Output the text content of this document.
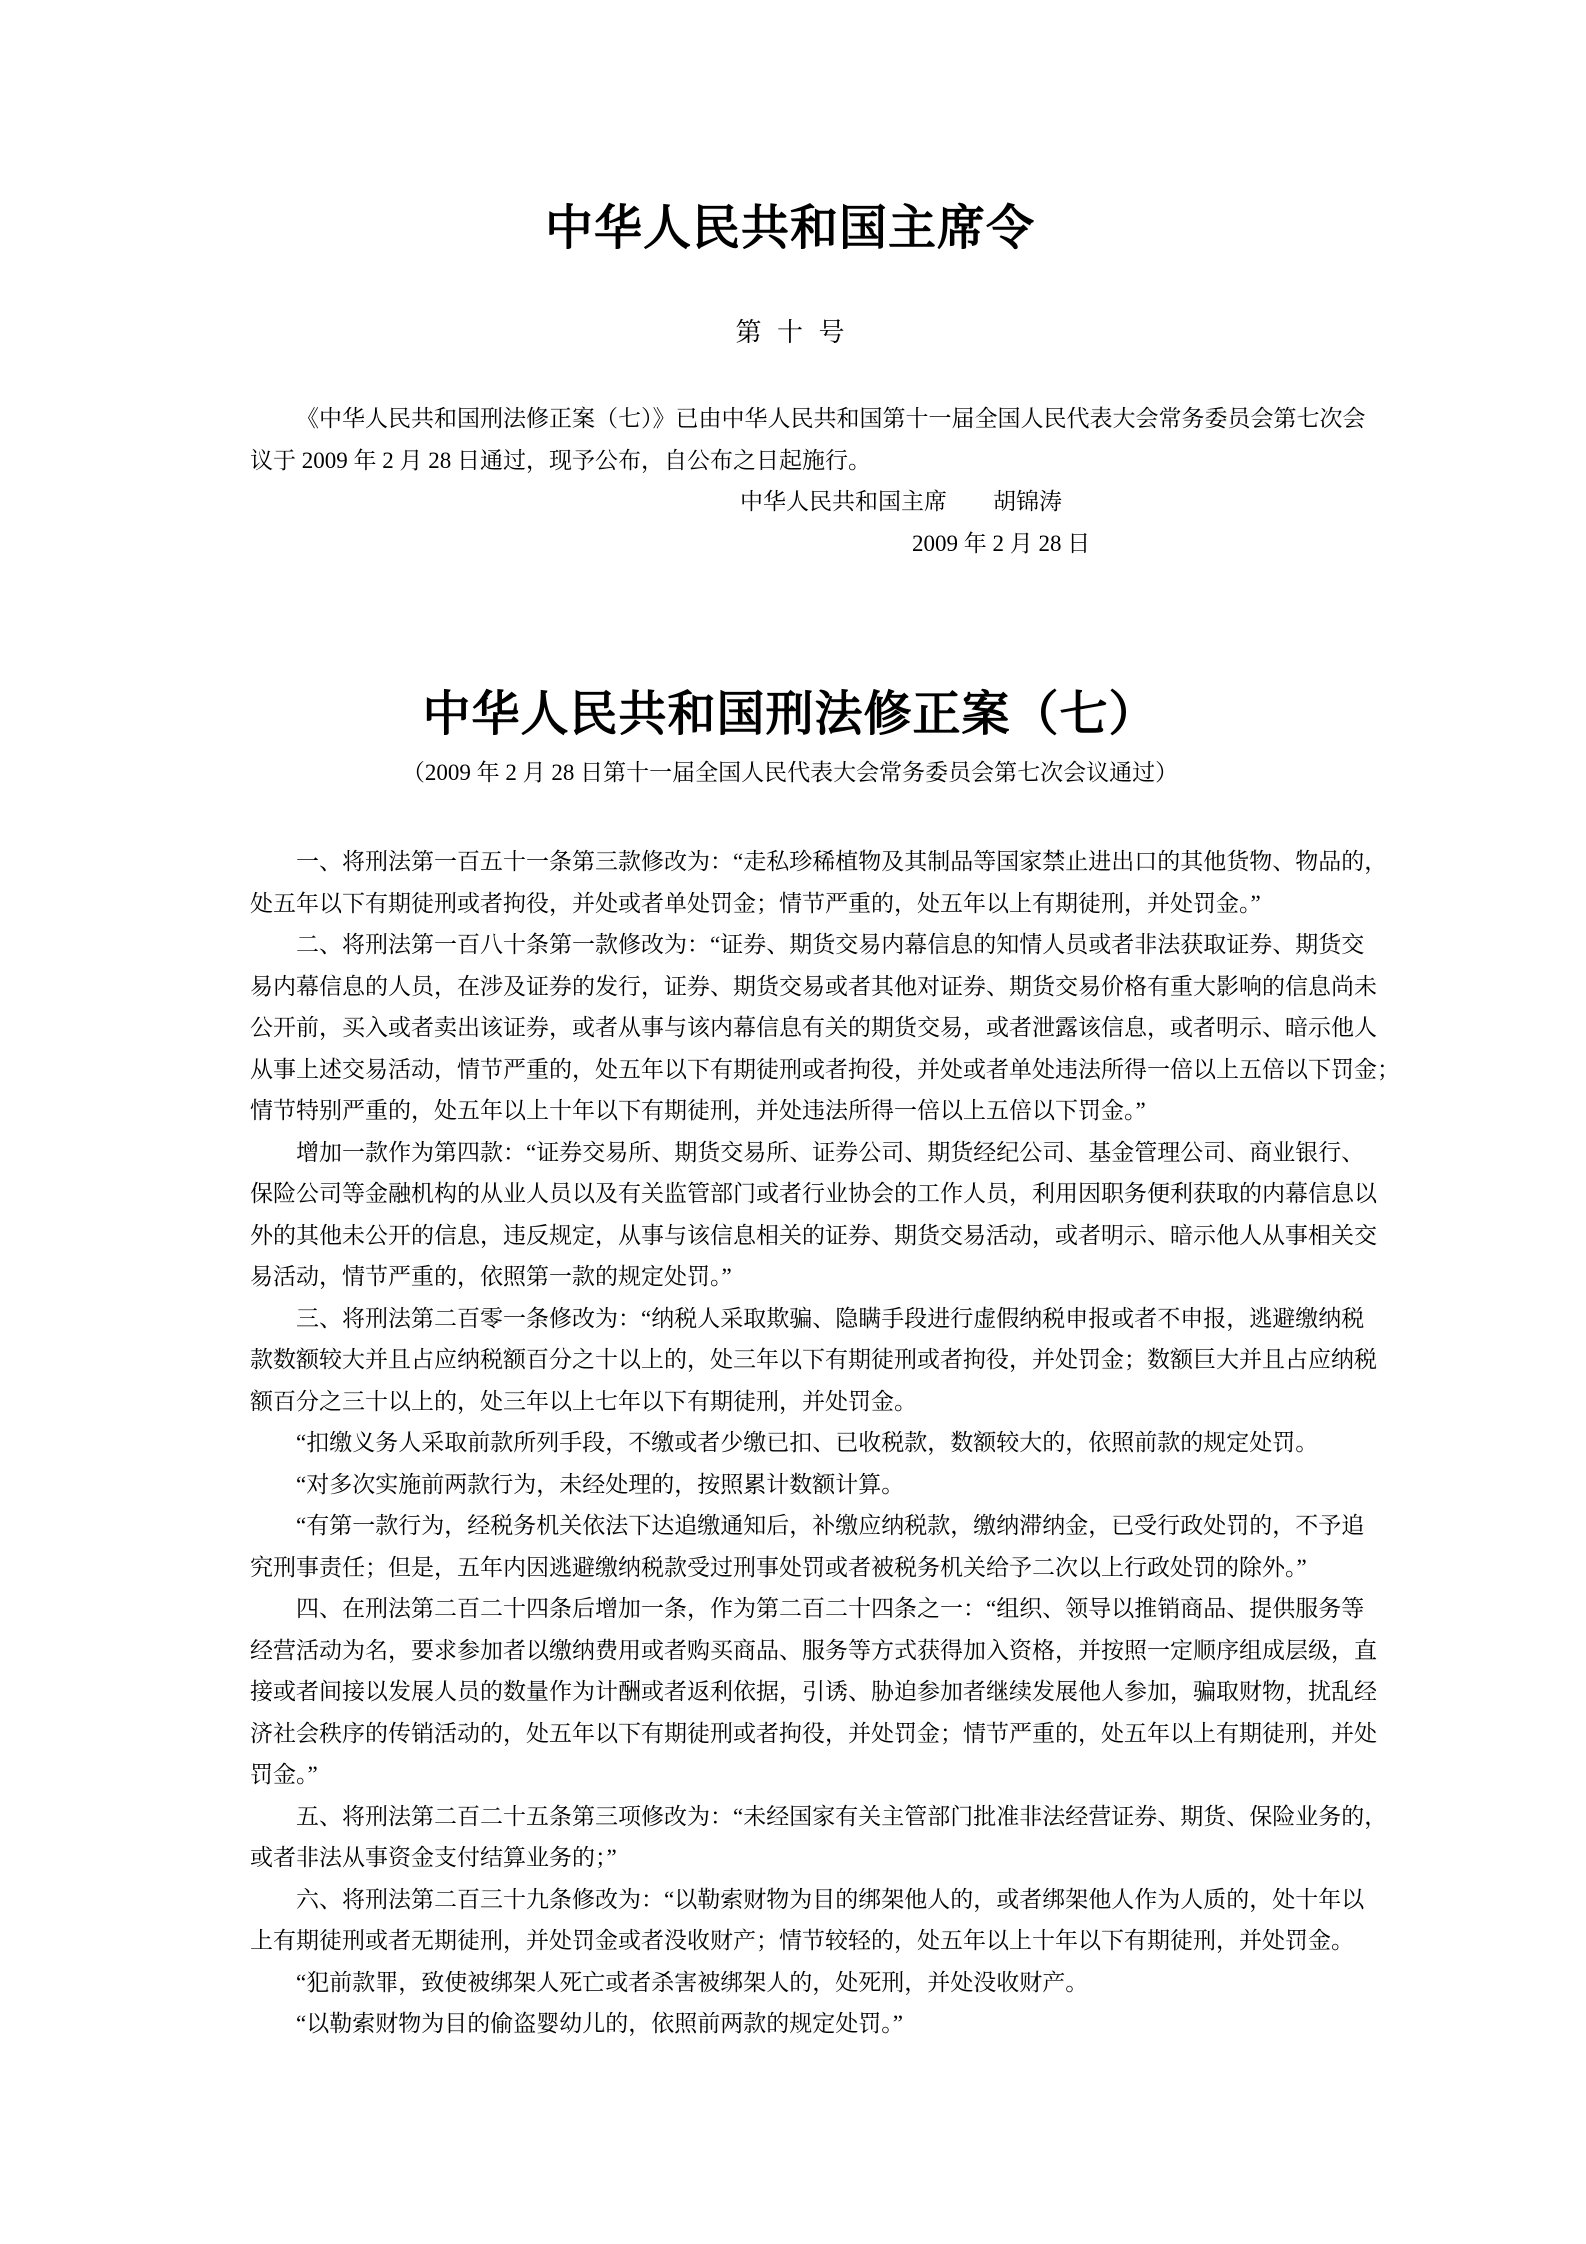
中华人民共和国主席令
第 十 号
《中华人民共和国刑法修正案（七）》已由中华人民共和国第十一届全国人民代表大会常务委员会第七次会
议于 2009 年 2 月 28 日通过，现予公布，自公布之日起施行。
中华人民共和国主席　　胡锦涛
2009 年 2 月 28 日
中华人民共和国刑法修正案（七）
（2009 年 2 月 28 日第十一届全国人民代表大会常务委员会第七次会议通过）
一、将刑法第一百五十一条第三款修改为：“走私珍稀植物及其制品等国家禁止进出口的其他货物、物品的，
处五年以下有期徒刑或者拘役，并处或者单处罚金；情节严重的，处五年以上有期徒刑，并处罚金。”
二、将刑法第一百八十条第一款修改为：“证券、期货交易内幕信息的知情人员或者非法获取证券、期货交
易内幕信息的人员，在涉及证券的发行，证券、期货交易或者其他对证券、期货交易价格有重大影响的信息尚未
公开前，买入或者卖出该证券，或者从事与该内幕信息有关的期货交易，或者泄露该信息，或者明示、暗示他人
从事上述交易活动，情节严重的，处五年以下有期徒刑或者拘役，并处或者单处违法所得一倍以上五倍以下罚金；
情节特别严重的，处五年以上十年以下有期徒刑，并处违法所得一倍以上五倍以下罚金。”
增加一款作为第四款：“证券交易所、期货交易所、证券公司、期货经纪公司、基金管理公司、商业银行、
保险公司等金融机构的从业人员以及有关监管部门或者行业协会的工作人员，利用因职务便利获取的内幕信息以
外的其他未公开的信息，违反规定，从事与该信息相关的证券、期货交易活动，或者明示、暗示他人从事相关交
易活动，情节严重的，依照第一款的规定处罚。”
三、将刑法第二百零一条修改为：“纳税人采取欺骗、隐瞒手段进行虚假纳税申报或者不申报，逃避缴纳税
款数额较大并且占应纳税额百分之十以上的，处三年以下有期徒刑或者拘役，并处罚金；数额巨大并且占应纳税
额百分之三十以上的，处三年以上七年以下有期徒刑，并处罚金。
“扣缴义务人采取前款所列手段，不缴或者少缴已扣、已收税款，数额较大的，依照前款的规定处罚。
“对多次实施前两款行为，未经处理的，按照累计数额计算。
“有第一款行为，经税务机关依法下达追缴通知后，补缴应纳税款，缴纳滞纳金，已受行政处罚的，不予追
究刑事责任；但是，五年内因逃避缴纳税款受过刑事处罚或者被税务机关给予二次以上行政处罚的除外。”
四、在刑法第二百二十四条后增加一条，作为第二百二十四条之一：“组织、领导以推销商品、提供服务等
经营活动为名，要求参加者以缴纳费用或者购买商品、服务等方式获得加入资格，并按照一定顺序组成层级，直
接或者间接以发展人员的数量作为计酬或者返利依据，引诱、胁迫参加者继续发展他人参加，骗取财物，扰乱经
济社会秩序的传销活动的，处五年以下有期徒刑或者拘役，并处罚金；情节严重的，处五年以上有期徒刑，并处
罚金。”
五、将刑法第二百二十五条第三项修改为：“未经国家有关主管部门批准非法经营证券、期货、保险业务的，
或者非法从事资金支付结算业务的；”
六、将刑法第二百三十九条修改为：“以勒索财物为目的绑架他人的，或者绑架他人作为人质的，处十年以
上有期徒刑或者无期徒刑，并处罚金或者没收财产；情节较轻的，处五年以上十年以下有期徒刑，并处罚金。
“犯前款罪，致使被绑架人死亡或者杀害被绑架人的，处死刑，并处没收财产。
“以勒索财物为目的偷盗婴幼儿的，依照前两款的规定处罚。”
